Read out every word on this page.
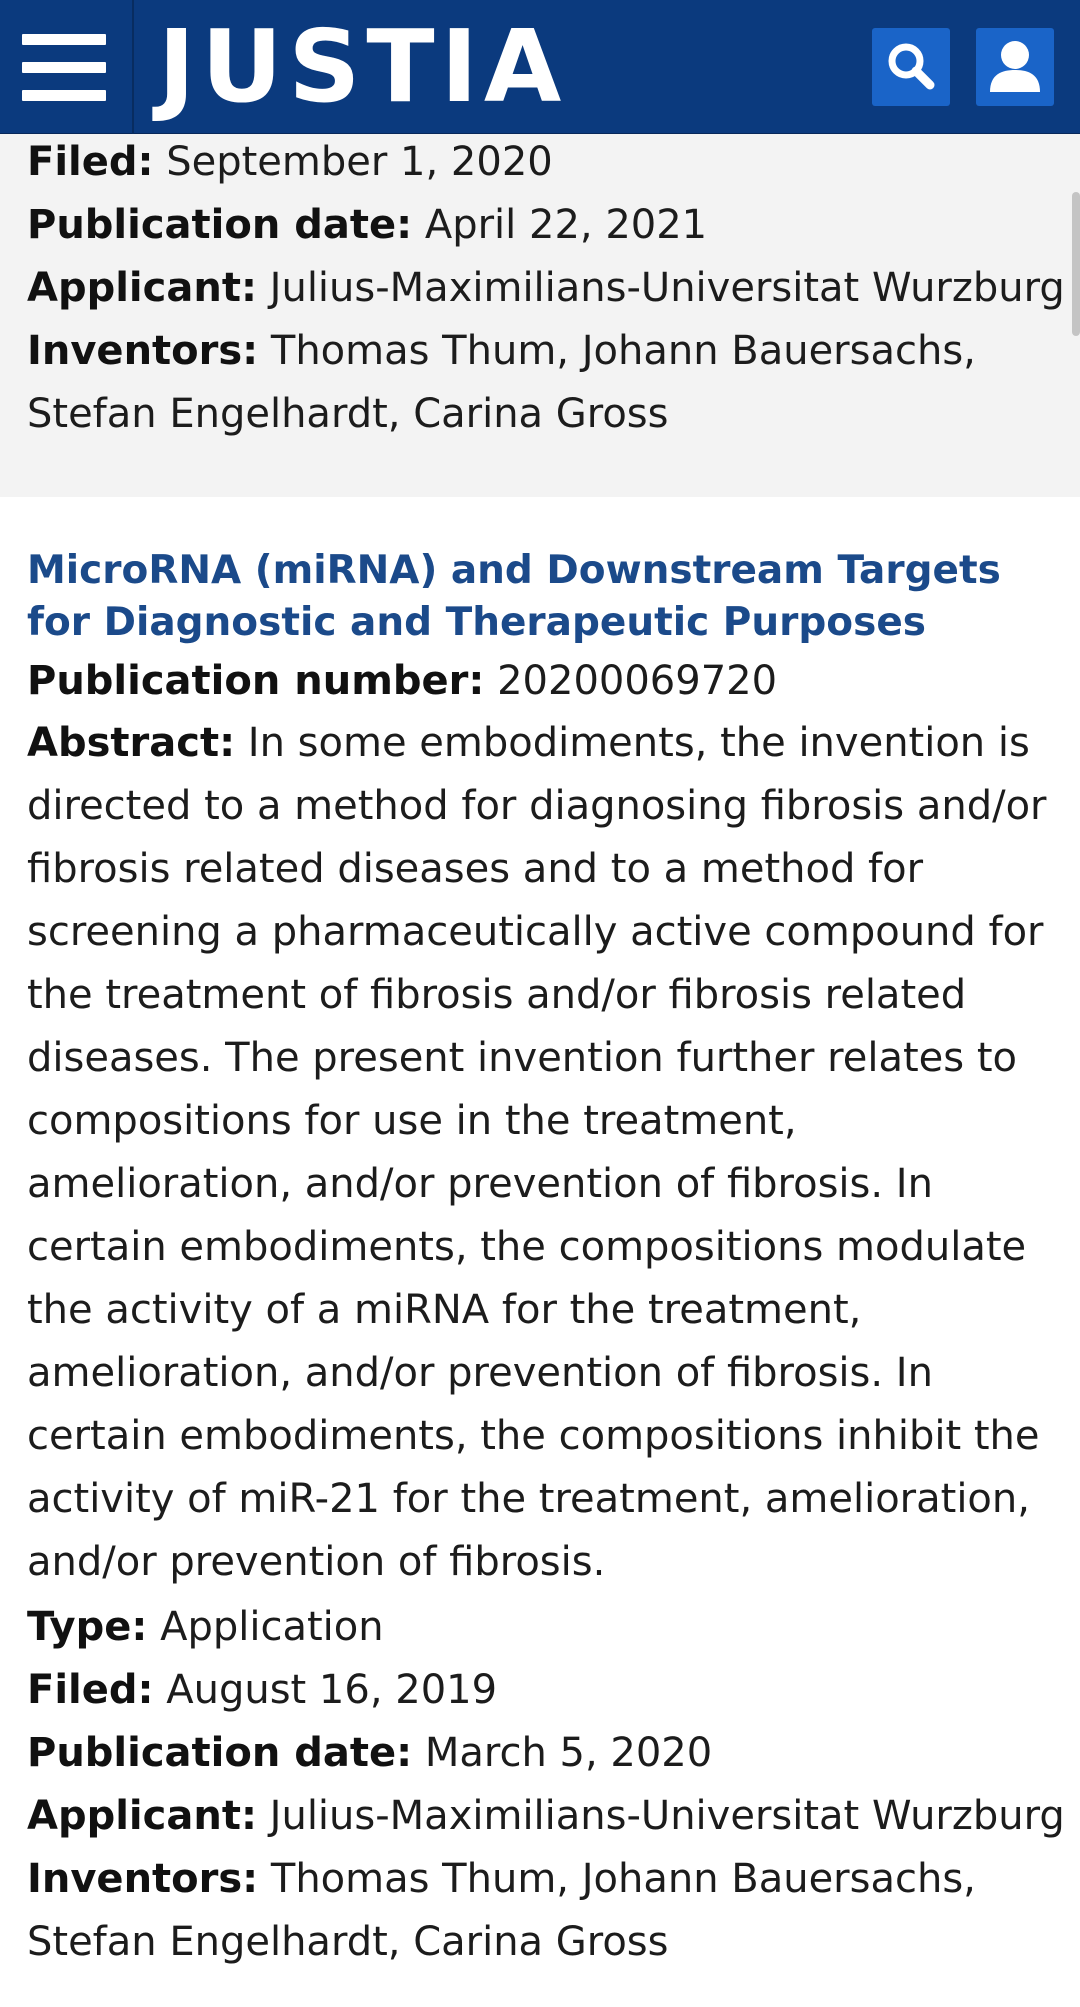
JUSTIA
Filed: September 1, 2020
Publication date: April 22, 2021
Applicant: Julius-Maximilians-Universitat Wurzburg
Inventors: Thomas Thum, Johann Bauersachs,
Stefan Engelhardt, Carina Gross
MicroRNA (miRNA) and Downstream Targets for Diagnostic and Therapeutic Purposes
Publication number: 20200069720
Abstract: In some embodiments, the invention is directed to a method for diagnosing fibrosis and/or fibrosis related diseases and to a method for screening a pharmaceutically active compound for the treatment of fibrosis and/or fibrosis related diseases. The present invention further relates to compositions for use in the treatment, amelioration, and/or prevention of fibrosis. In certain embodiments, the compositions modulate the activity of a miRNA for the treatment, amelioration, and/or prevention of fibrosis. In certain embodiments, the compositions inhibit the activity of miR-21 for the treatment, amelioration, and/or prevention of fibrosis.
Type: Application
Filed: August 16, 2019
Publication date: March 5, 2020
Applicant: Julius-Maximilians-Universitat Wurzburg
Inventors: Thomas Thum, Johann Bauersachs,
Stefan Engelhardt, Carina Gross
